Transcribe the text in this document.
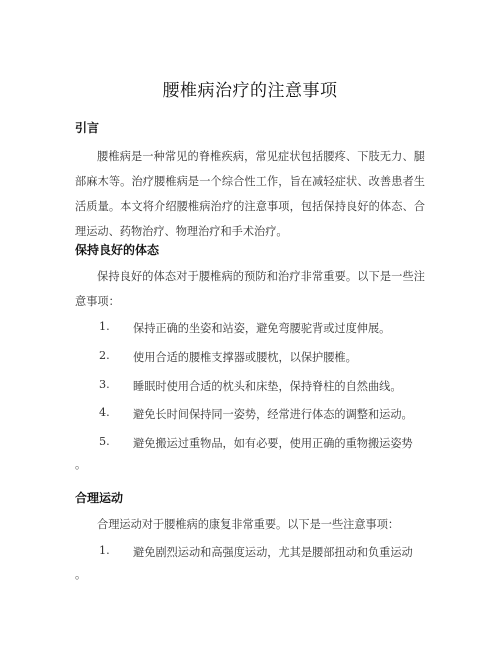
腰椎病治疗的注意事项
引言
腰椎病是一种常见的脊椎疾病，常见症状包括腰疼、下肢无力、腿部麻木等。治疗腰椎病是一个综合性工作，旨在减轻症状、改善患者生活质量。本文将介绍腰椎病治疗的注意事项，包括保持良好的体态、合理运动、药物治疗、物理治疗和手术治疗。
保持良好的体态
保持良好的体态对于腰椎病的预防和治疗非常重要。以下是一些注意事项：
1. 保持正确的坐姿和站姿，避免弯腰驼背或过度伸展。
2. 使用合适的腰椎支撑器或腰枕，以保护腰椎。
3. 睡眠时使用合适的枕头和床垫，保持脊柱的自然曲线。
4. 避免长时间保持同一姿势，经常进行体态的调整和运动。
5. 避免搬运过重物品，如有必要，使用正确的重物搬运姿势
。
合理运动
合理运动对于腰椎病的康复非常重要。以下是一些注意事项：
1. 避免剧烈运动和高强度运动，尤其是腰部扭动和负重运动
。
